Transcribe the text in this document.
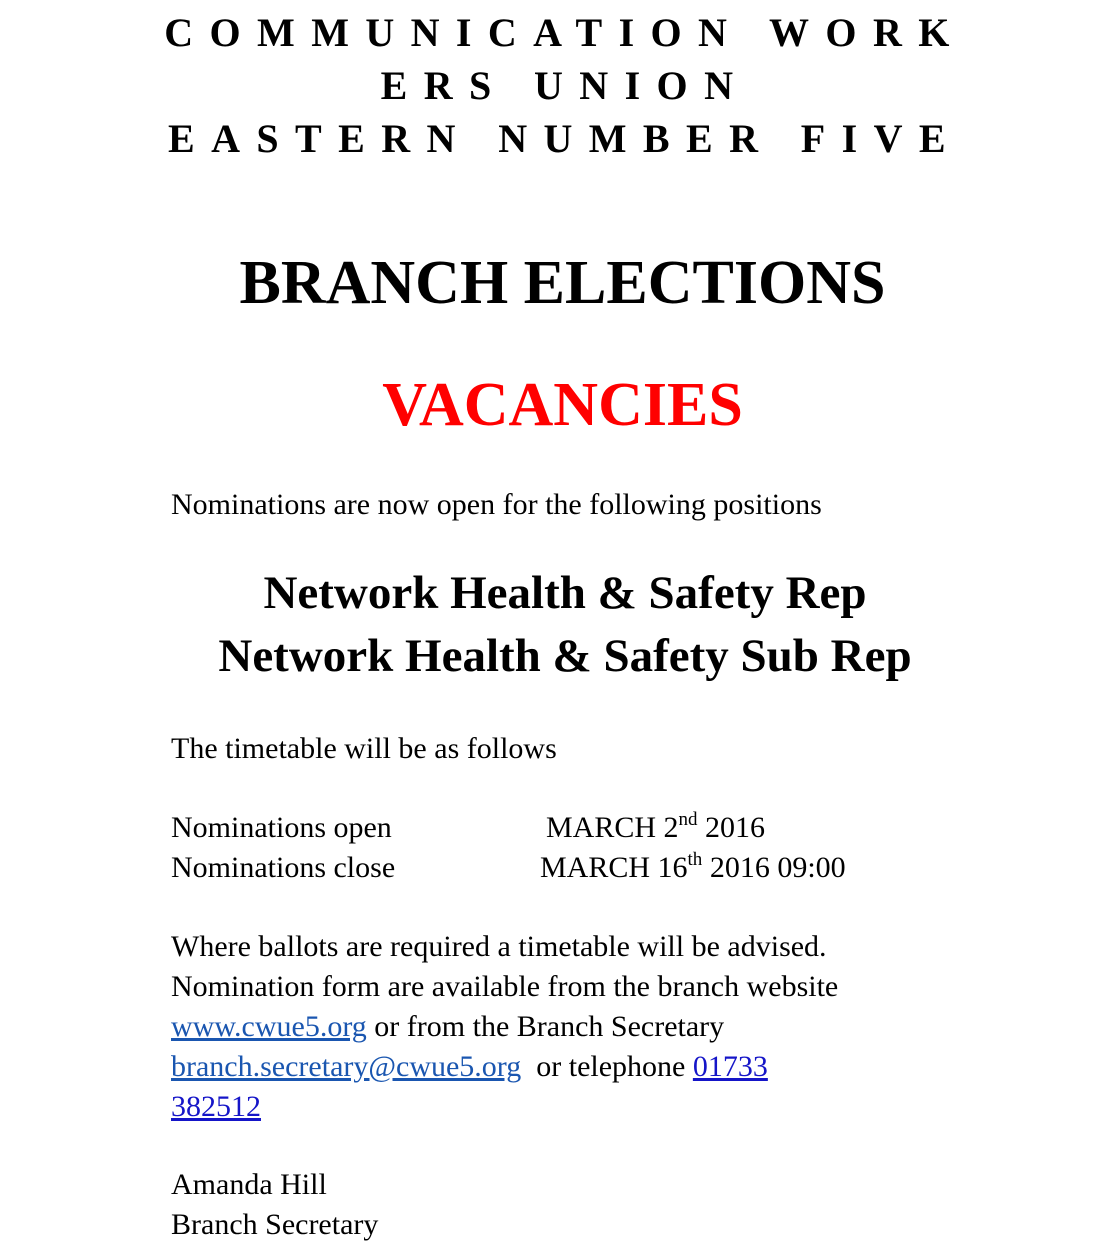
COMMUNICATION WORK
ERS UNION
EASTERN NUMBER FIVE
BRANCH ELECTIONS
VACANCIES
Nominations are now open for the following positions
Network Health & Safety Rep
Network Health & Safety Sub Rep
The timetable will be as follows
Nominations open	MARCH 2nd 2016
Nominations close	MARCH 16th 2016 09:00
Where ballots are required a timetable will be advised.
Nomination form are available from the branch website
www.cwue5.org or from the Branch Secretary
branch.secretary@cwue5.org  or telephone 01733
382512
Amanda Hill
Branch Secretary
